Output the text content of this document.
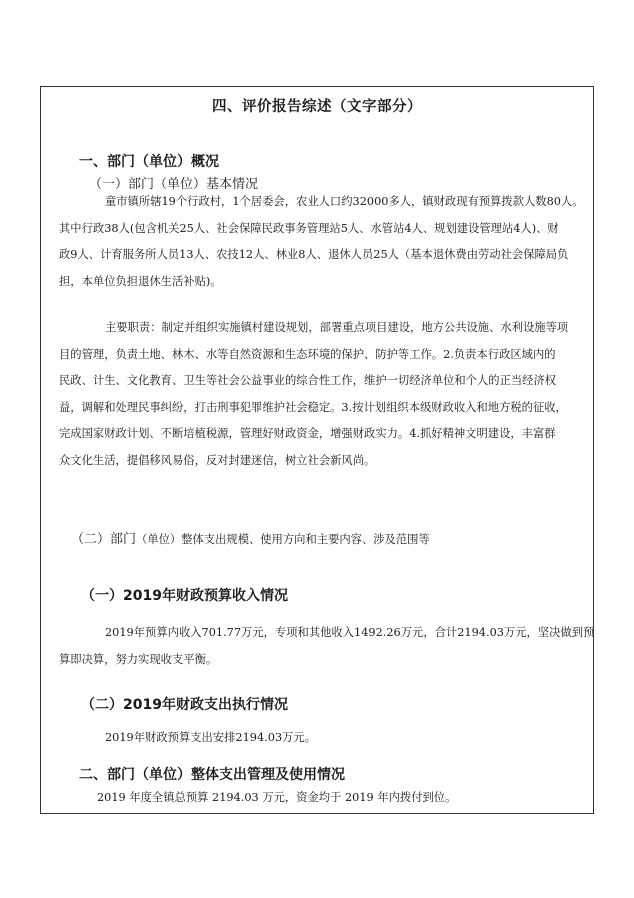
四、评价报告综述（文字部分）
一、部门（单位）概况
（一）部门（单位）基本情况
童市镇所辖19个行政村，1个居委会，农业人口约32000多人，镇财政现有预算拨款人数80人。
其中行政38人(包含机关25人、社会保障民政事务管理站5人、水管站4人、规划建设管理站4人)、财
政9人、计育服务所人员13人、农技12人、林业8人、退休人员25人（基本退休费由劳动社会保障局负
担，本单位负担退休生活补贴)。
主要职责：制定并组织实施镇村建设规划，部署重点项目建设，地方公共设施、水利设施等项
目的管理，负责土地、林木、水等自然资源和生态环境的保护、防护等工作。2.负责本行政区域内的
民政、计生、文化教育、卫生等社会公益事业的综合性工作，维护一切经济单位和个人的正当经济权
益，调解和处理民事纠纷，打击刑事犯罪维护社会稳定。3.按计划组织本级财政收入和地方税的征收，
完成国家财政计划、不断培植税源，管理好财政资金，增强财政实力。4.抓好精神文明建设，丰富群
众文化生活，提倡移风易俗，反对封建迷信，树立社会新风尚。
（二）部门（单位）整体支出规模、使用方向和主要内容、涉及范围等
（一）2019年财政预算收入情况
2019年预算内收入701.77万元，专项和其他收入1492.26万元，合计2194.03万元，坚决做到预
算即决算，努力实现收支平衡。
（二）2019年财政支出执行情况
2019年财政预算支出安排2194.03万元。
二、部门（单位）整体支出管理及使用情况
2019 年度全镇总预算 2194.03 万元，资金均于 2019 年内拨付到位。
